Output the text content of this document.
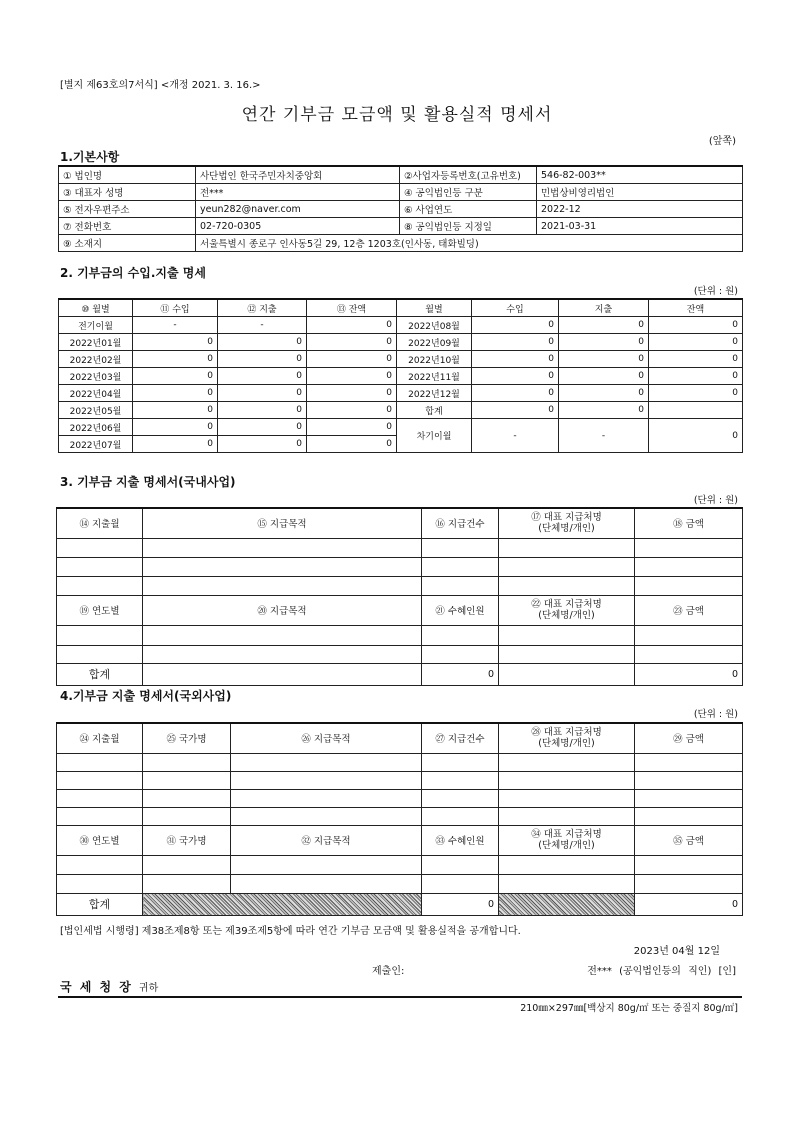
[별지 제63호의7서식] <개정 2021. 3. 16.>
연간 기부금 모금액 및 활용실적 명세서
(앞쪽)
1.기본사항
① 법인명	사단법인 한국주민자치중앙회	②사업자등록번호(고유번호)	546-82-003**
③ 대표자 성명	전***	④ 공익법인등 구분	민법상비영리법인
⑤ 전자우편주소	yeun282@naver.com	⑥ 사업연도	2022-12
⑦ 전화번호	02-720-0305	⑧ 공익법인등 지정일	2021-03-31
⑨ 소재지	서울특별시 종로구 인사동5길 29, 12층 1203호(인사동, 태화빌딩)		
2. 기부금의 수입.지출 명세
(단위 : 원)
⑩ 월별	⑪ 수입	⑫ 지출	⑬ 잔액	월별	수입	지출	잔액
전기이월	-	-	0	2022년08월	0	0	0
2022년01월	0	0	0	2022년09월	0	0	0
2022년02월	0	0	0	2022년10월	0	0	0
2022년03월	0	0	0	2022년11월	0	0	0
2022년04월	0	0	0	2022년12월	0	0	0
2022년05월	0	0	0	합계	0	0	
2022년06월	0	0	0	차기이월	-	-	0
2022년07월	0	0	0				
3. 기부금 지출 명세서(국내사업)
(단위 : 원)
⑭ 지출월	⑮ 지급목적	⑯ 지급건수	⑰ 대표 지급처명
(단체명/개인)	⑱ 금액

⑲ 연도별	⑳ 지급목적	㉑ 수혜인원	㉒ 대표 지급처명
(단체명/개인)	㉓ 금액

합계		0		0
4.기부금 지출 명세서(국외사업)
(단위 : 원)
㉔ 지출월	㉕ 국가명	㉖ 지급목적	㉗ 지급건수	㉘ 대표 지급처명
(단체명/개인)	㉙ 금액

㉚ 연도별	㉛ 국가명	㉜ 지급목적	㉝ 수혜인원	㉞ 대표 지급처명
(단체명/개인)	㉟ 금액

합계			0		0
[법인세법 시행령] 제38조제8항 또는 제39조제5항에 따라 연간 기부금 모금액 및 활용실적을 공개합니다.
2023년 04월 12일
제출인:	전*** (공익법인등의 직인) [인]
국 세 청 장 귀하
210㎜×297㎜[백상지 80g/㎡ 또는 중질지 80g/㎡]
